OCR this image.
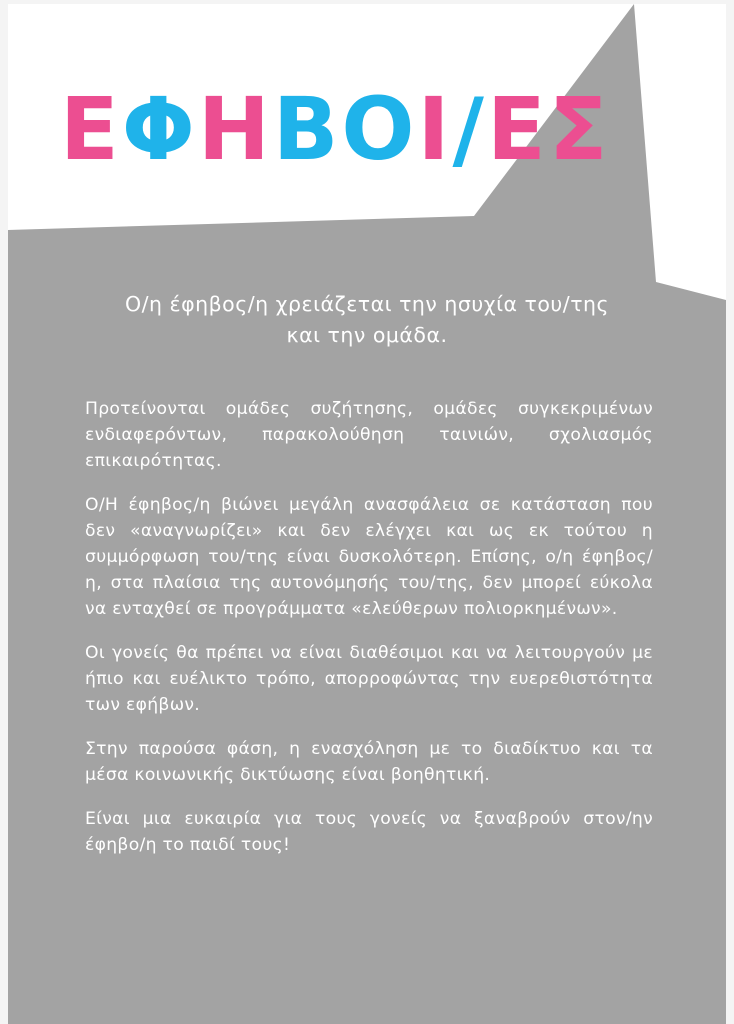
Ε Φ Η Β Ο Ι / Ε Σ
Ο/η έφηβος/η χρειάζεται την ησυχία του/της και την ομάδα.

Προτείνονται ομάδες συζήτησης, ομάδες συγκεκριμένων ενδιαφερόντων, παρακολούθηση ταινιών, σχολιασμός επικαιρότητας.

Ο/Η έφηβος/η βιώνει μεγάλη ανασφάλεια σε κατάσταση που δεν «αναγνωρίζει» και δεν ελέγχει και ως εκ τούτου η συμμόρφωση του/της είναι δυσκολότερη. Επίσης, ο/η έφηβος/η, στα πλαίσια της αυτονόμησής του/της, δεν μπορεί εύκολα να ενταχθεί σε προγράμματα «ελεύθερων πολιορκημένων».

Οι γονείς θα πρέπει να είναι διαθέσιμοι και να λειτουργούν με ήπιο και ευέλικτο τρόπο, απορροφώντας την ευερεθιστότητα των εφήβων.

Στην παρούσα φάση, η ενασχόληση με το διαδίκτυο και τα μέσα κοινωνικής δικτύωσης είναι βοηθητική.

Είναι μια ευκαιρία για τους γονείς να ξαναβρούν στον/ην έφηβο/η το παιδί τους!
